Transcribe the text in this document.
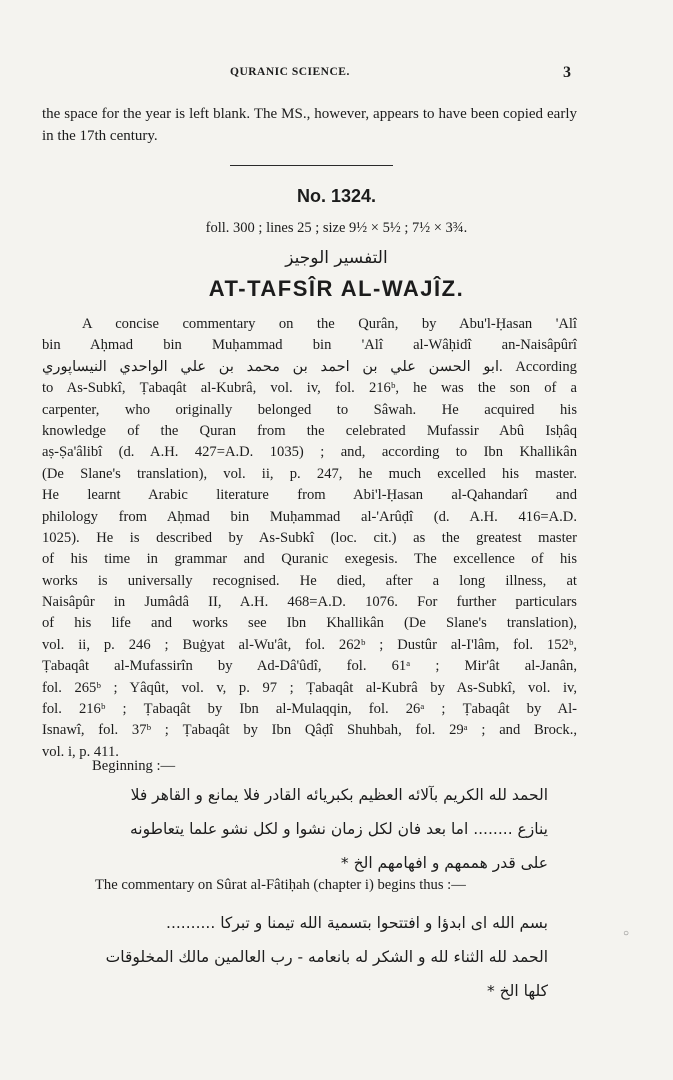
QURANIC SCIENCE.	3
the space for the year is left blank. The MS., however, appears to have been copied early in the 17th century.
No. 1324.
foll. 300 ; lines 25 ; size 9½ × 5½ ; 7½ × 3¾.
التفسير الوجيز
AT-TAFSÎR AL-WAJÎZ.
A concise commentary on the Qurân, by Abu'l-Ḥasan 'Alî
bin Aḥmad bin Muḥammad bin 'Alî al-Wâḥidî an-Naisâpûrî
ابو الحسن علي بن احمد بن محمد بن علي الواحدي النيساپوري. According
to As-Subkî, Ṭabaqât al-Kubrâ, vol. iv, fol. 216ᵇ, he was the son of a
carpenter, who originally belonged to Sâwah. He acquired his
knowledge of the Quran from the celebrated Mufassir Abû Isḥâq
aṣ-Ṣa'âlibî (d. A.H. 427=A.D. 1035) ; and, according to Ibn Khallikân
(De Slane's translation), vol. ii, p. 247, he much excelled his master.
He learnt Arabic literature from Abi'l-Ḥasan al-Qahandarî and
philology from Aḥmad bin Muḥammad al-'Arûḍî (d. A.H. 416=A.D.
1025). He is described by As-Subkî (loc. cit.) as the greatest master
of his time in grammar and Quranic exegesis. The excellence of his
works is universally recognised. He died, after a long illness, at
Naisâpûr in Jumâdâ II, A.H. 468=A.D. 1076. For further particulars
of his life and works see Ibn Khallikân (De Slane's translation),
vol. ii, p. 246 ; Buġyat al-Wu'ât, fol. 262ᵇ ; Dustûr al-I'lâm, fol. 152ᵇ,
Ṭabaqât al-Mufassirîn by Ad-Dâ'ûdî, fol. 61ᵃ ; Mir'ât al-Janân,
fol. 265ᵇ ; Yâqût, vol. v, p. 97 ; Ṭabaqât al-Kubrâ by As-Subkî, vol. iv,
fol. 216ᵇ ; Ṭabaqât by Ibn al-Mulaqqin, fol. 26ᵃ ; Ṭabaqât by Al-
Isnawî, fol. 37ᵇ ; Ṭabaqât by Ibn Qâḍî Shuhbah, fol. 29ᵃ ; and Brock.,
vol. i, p. 411.
Beginning :—
الحمد لله الكريم بآلائه العظيم بكبريائه القادر فلا يمانع و القاهر فلا
ينازع ........ اما بعد فان لكل زمان نشوا و لكل نشو علما يتعاطونه
على قدر هممهم و افهامهم الخ *
The commentary on Sûrat al-Fâtiḥah (chapter i) begins thus :—
بسم الله اى ابدؤا و افتتحوا بتسمية الله تيمنا و تبركا ..........
الحمد لله الثناء لله و الشكر له بانعامه - رب العالمين مالك المخلوقات
كلها الخ *
○
